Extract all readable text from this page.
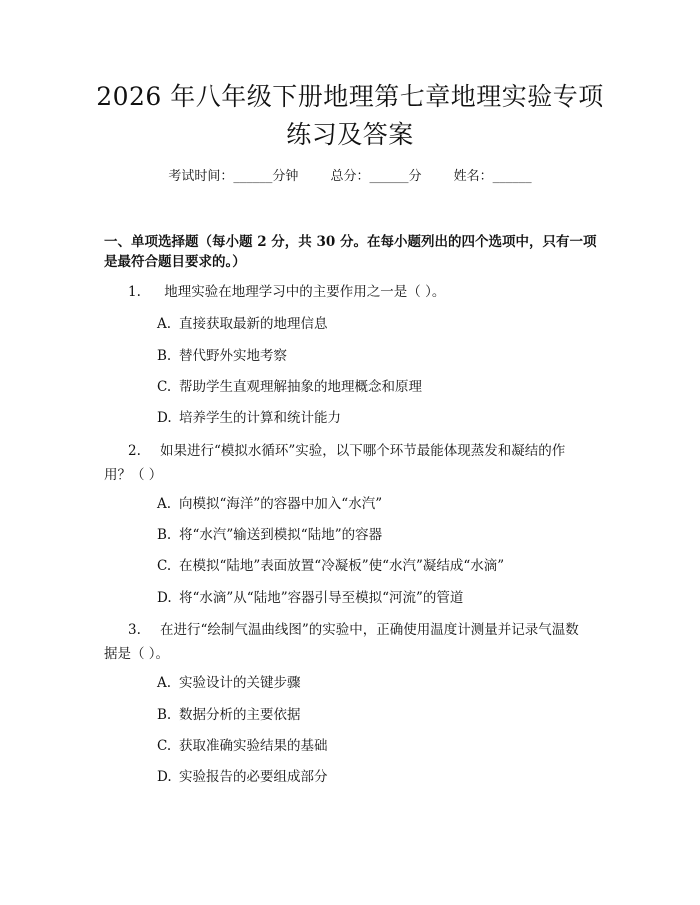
2026 年八年级下册地理第七章地理实验专项
练习及答案
考试时间：______分钟 总分：______分 姓名：______
一、单项选择题（每小题 2 分，共 30 分。在每小题列出的四个选项中，只有一项
是最符合题目要求的。）
1. 地理实验在地理学习中的主要作用之一是（ ）。
A. 直接获取最新的地理信息
B. 替代野外实地考察
C. 帮助学生直观理解抽象的地理概念和原理
D. 培养学生的计算和统计能力
2. 如果进行“模拟水循环”实验，以下哪个环节最能体现蒸发和凝结的作
用？（ ）
A. 向模拟“海洋”的容器中加入“水汽”
B. 将“水汽”输送到模拟“陆地”的容器
C. 在模拟“陆地”表面放置“冷凝板”使“水汽”凝结成“水滴”
D. 将“水滴”从“陆地”容器引导至模拟“河流”的管道
3. 在进行“绘制气温曲线图”的实验中，正确使用温度计测量并记录气温数
据是（ ）。
A. 实验设计的关键步骤
B. 数据分析的主要依据
C. 获取准确实验结果的基础
D. 实验报告的必要组成部分
